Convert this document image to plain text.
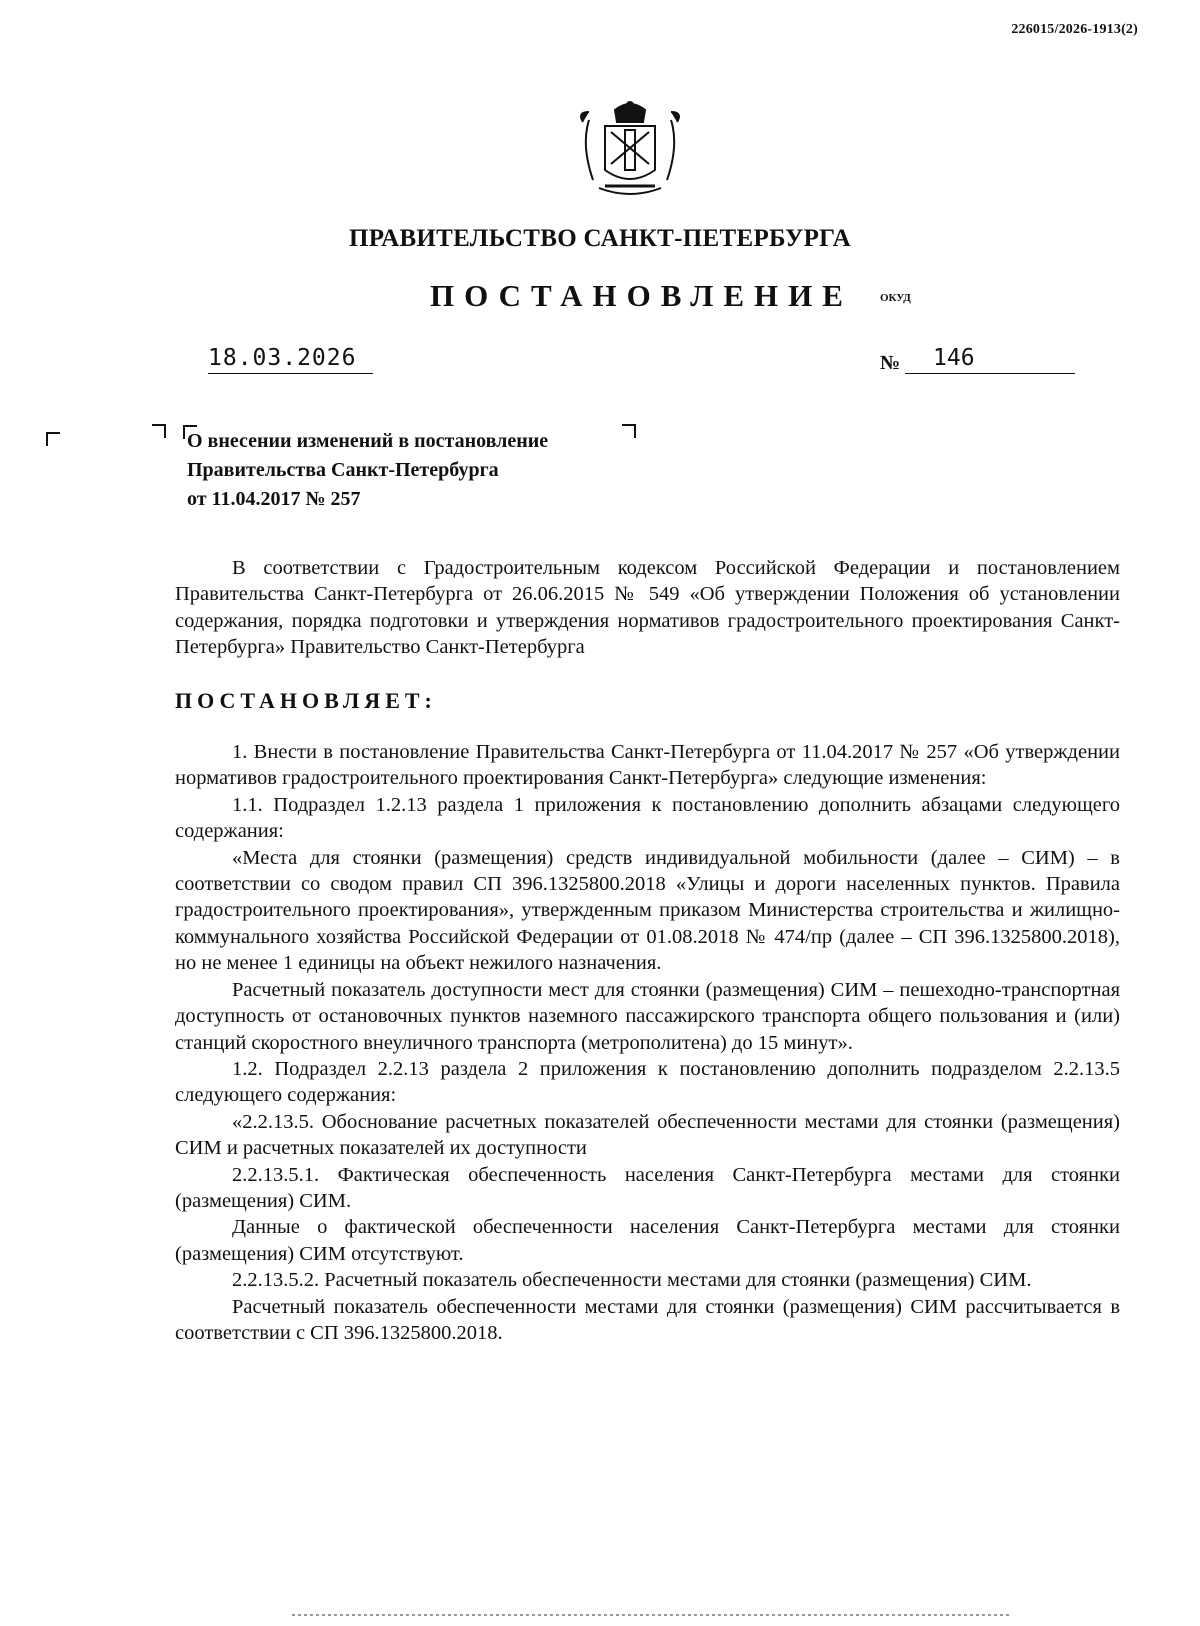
226015/2026-1913(2)
ПРАВИТЕЛЬСТВО САНКТ-ПЕТЕРБУРГА
ПОСТАНОВЛЕНИЕ ОКУД
18.03.2026	№	146
О внесении изменений в постановление
Правительства Санкт-Петербурга
от 11.04.2017 № 257

В соответствии с Градостроительным кодексом Российской Федерации и постановлением Правительства Санкт-Петербурга от 26.06.2015 № 549 «Об утверждении Положения об установлении содержания, порядка подготовки и утверждения нормативов градостроительного проектирования Санкт-Петербурга» Правительство Санкт-Петербурга

ПОСТАНОВЛЯЕТ:

1. Внести в постановление Правительства Санкт-Петербурга от 11.04.2017 № 257 «Об утверждении нормативов градостроительного проектирования Санкт-Петербурга» следующие изменения:

1.1. Подраздел 1.2.13 раздела 1 приложения к постановлению дополнить абзацами следующего содержания:

«Места для стоянки (размещения) средств индивидуальной мобильности (далее – СИМ) – в соответствии со сводом правил СП 396.1325800.2018 «Улицы и дороги населенных пунктов. Правила градостроительного проектирования», утвержденным приказом Министерства строительства и жилищно-коммунального хозяйства Российской Федерации от 01.08.2018 № 474/пр (далее – СП 396.1325800.2018), но не менее 1 единицы на объект нежилого назначения.

Расчетный показатель доступности мест для стоянки (размещения) СИМ – пешеходно-транспортная доступность от остановочных пунктов наземного пассажирского транспорта общего пользования и (или) станций скоростного внеуличного транспорта (метрополитена) до 15 минут».

1.2. Подраздел 2.2.13 раздела 2 приложения к постановлению дополнить подразделом 2.2.13.5 следующего содержания:

«2.2.13.5. Обоснование расчетных показателей обеспеченности местами для стоянки (размещения) СИМ и расчетных показателей их доступности

2.2.13.5.1. Фактическая обеспеченность населения Санкт-Петербурга местами для стоянки (размещения) СИМ.

Данные о фактической обеспеченности населения Санкт-Петербурга местами для стоянки (размещения) СИМ отсутствуют.

2.2.13.5.2. Расчетный показатель обеспеченности местами для стоянки (размещения) СИМ.

Расчетный показатель обеспеченности местами для стоянки (размещения) СИМ рассчитывается в соответствии с СП 396.1325800.2018.
